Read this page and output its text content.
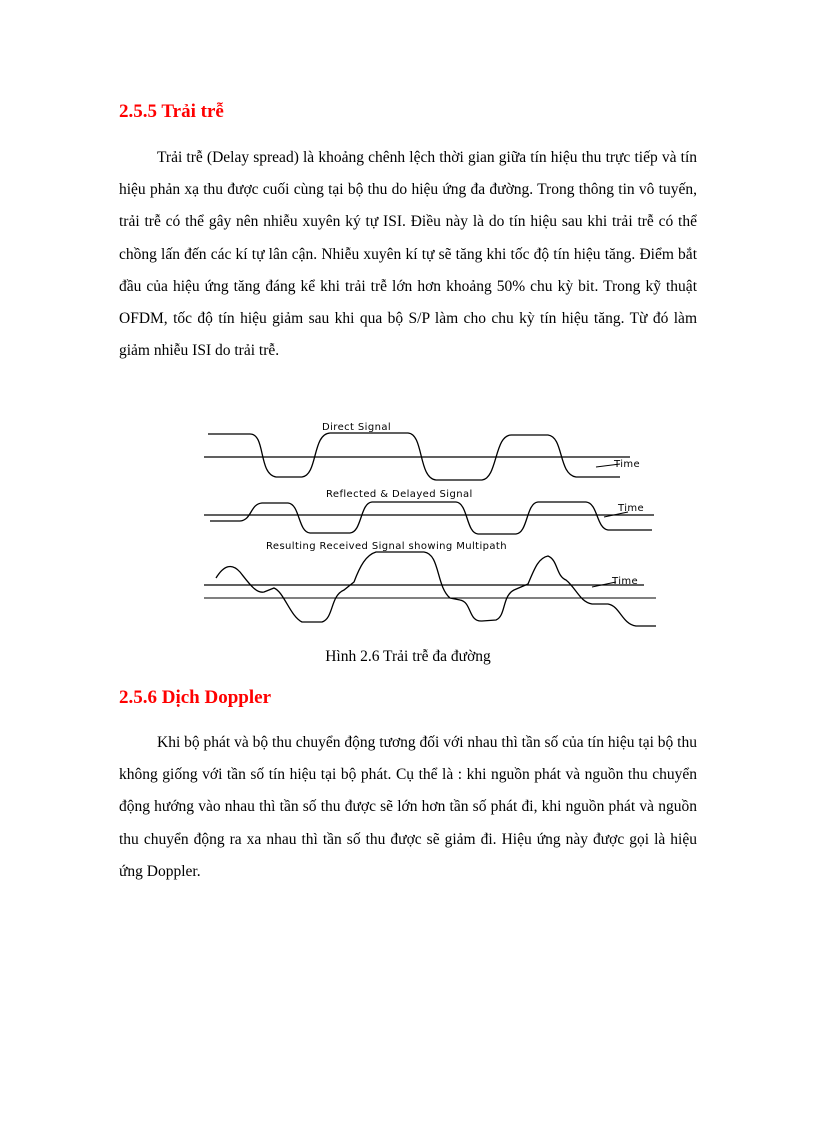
2.5.5 Trải trễ

Trải trễ (Delay spread) là khoảng chênh lệch thời gian giữa tín hiệu thu trực tiếp và tín hiệu phản xạ thu được cuối cùng tại bộ thu do hiệu ứng đa đường. Trong thông tin vô tuyến, trải trễ có thể gây nên nhiễu xuyên ký tự ISI. Điều này là do tín hiệu sau khi trải trễ có thể chồng lấn đến các kí tự lân cận. Nhiễu xuyên kí tự sẽ tăng khi tốc độ tín hiệu tăng. Điểm bắt đầu của hiệu ứng tăng đáng kể khi trải trễ lớn hơn khoảng 50% chu kỳ bit. Trong kỹ thuật OFDM, tốc độ tín hiệu giảm sau khi qua bộ S/P làm cho chu kỳ tín hiệu tăng. Từ đó làm giảm nhiễu ISI do trải trễ.

Direct Signal
Time
Reflected & Delayed Signal
Time
Resulting Received Signal showing Multipath
Time

Hình 2.6 Trải trễ đa đường

2.5.6 Dịch Doppler

Khi bộ phát và bộ thu chuyển động tương đối với nhau thì tần số của tín hiệu tại bộ thu không giống với tần số tín hiệu tại bộ phát. Cụ thể là : khi nguồn phát và nguồn thu chuyển động hướng vào nhau thì tần số thu được sẽ lớn hơn tần số phát đi, khi nguồn phát và nguồn thu chuyển động ra xa nhau thì tần số thu được sẽ giảm đi. Hiệu ứng này được gọi là hiệu ứng Doppler.
